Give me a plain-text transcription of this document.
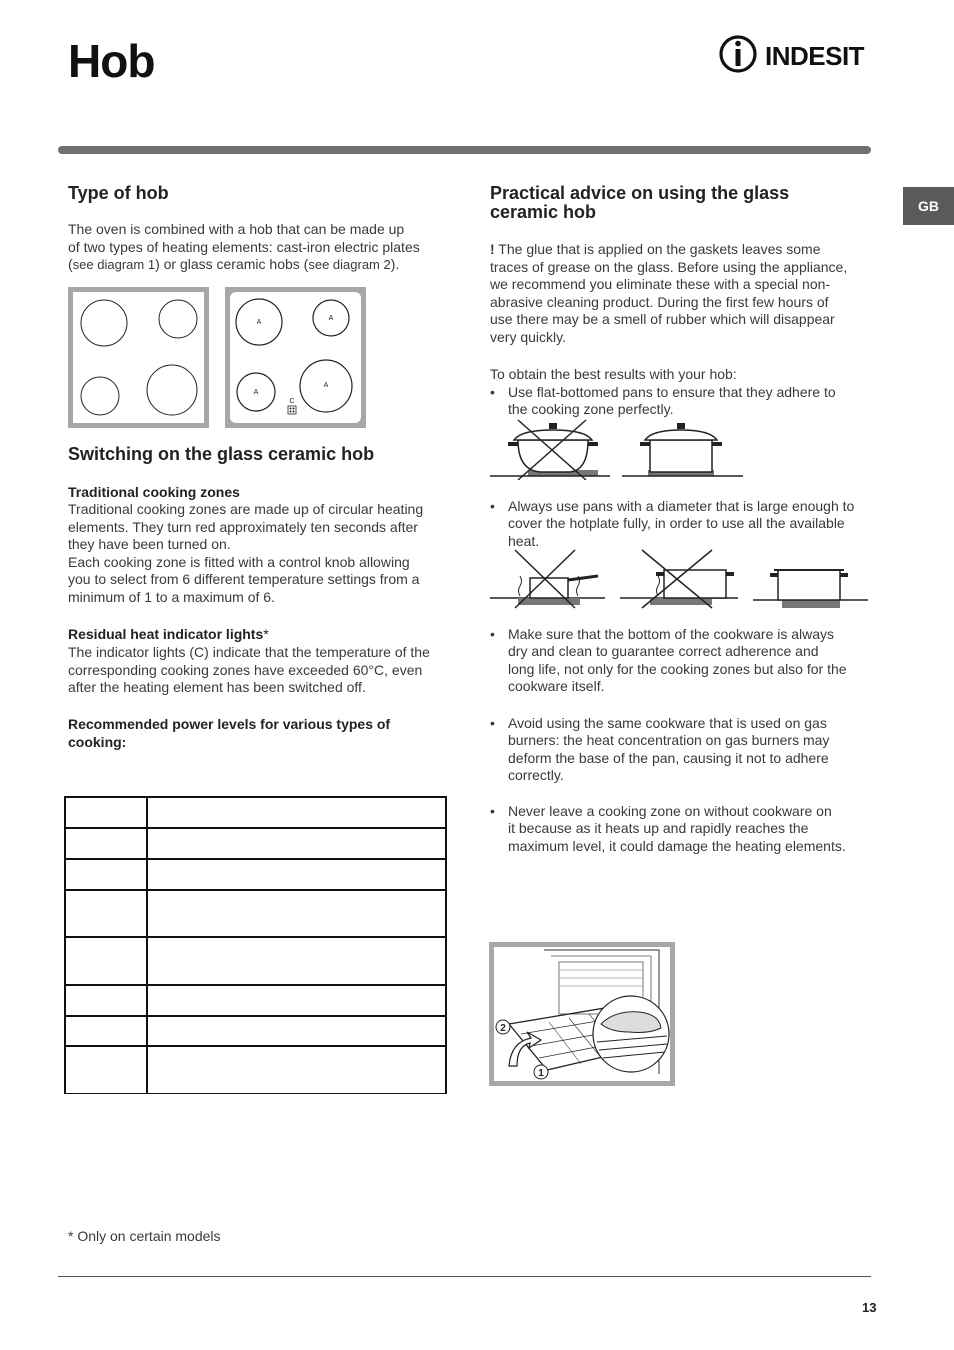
Hob	INDESIT
GB
Type of hob

The oven is combined with a hob that can be made up

of two types of heating elements: cast-iron electric plates

(see diagram 1) or glass ceramic hobs (see diagram 2).

A
A
A
A
C
Switching on the glass ceramic hob
Traditional cooking zones

Traditional cooking zones are made up of circular heating

elements. They turn red approximately ten seconds after

they have been turned on.

Each cooking zone is fitted with a control knob allowing

you to select from 6 different temperature settings from a

minimum of 1 to a maximum of 6.

Residual heat indicator lights*

The indicator lights (C) indicate that the temperature of the

corresponding cooking zones have exceeded 60°C, even

after the heating element has been switched off.

Recommended power levels for various types of

cooking:

* Only on certain models
Practical advice on using the glass
ceramic hob

! The glue that is applied on the gaskets leaves some

traces of grease on the glass. Before using the appliance,

we recommend you eliminate these with a special non-

abrasive cleaning product. During the first few hours of

use there may be a smell of rubber which will disappear

very quickly.

To obtain the best results with your hob:
• Use flat-bottomed pans to ensure that they adhere to

the cooking zone perfectly.

• Always use pans with a diameter that is large enough to

cover the hotplate fully, in order to use all the available

heat.

• Make sure that the bottom of the cookware is always

dry and clean to guarantee correct adherence and

long life, not only for the cooking zones but also for the

cookware itself.

• Avoid using the same cookware that is used on gas

burners: the heat concentration on gas burners may

deform the base of the pan, causing it not to adhere

correctly.

• Never leave a cooking zone on without cookware on

it because as it heats up and rapidly reaches the

maximum level, it could damage the heating elements.

2
1
13
